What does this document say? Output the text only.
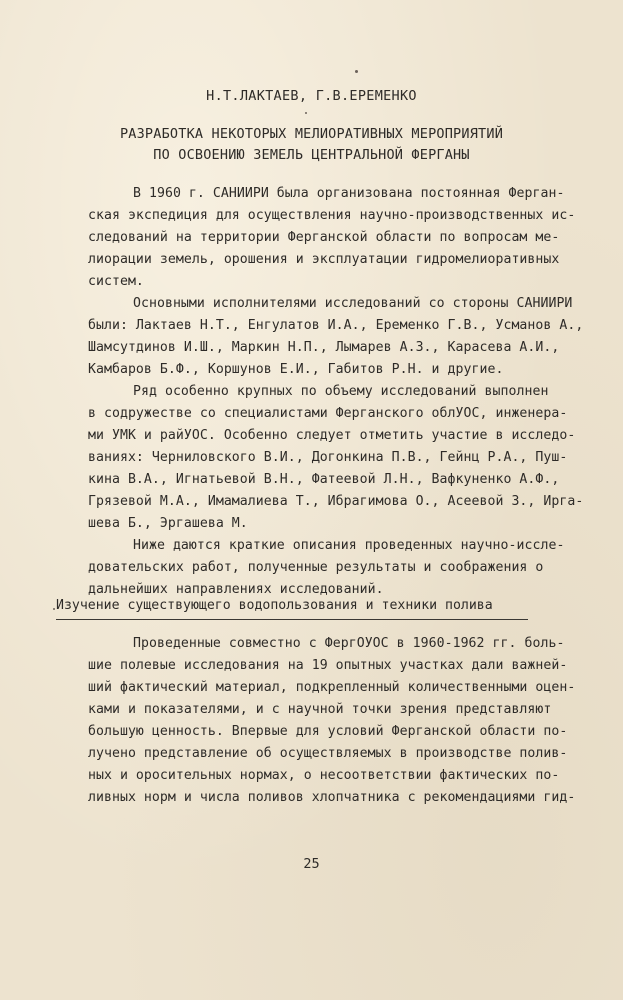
Н.Т.ЛАКТАЕВ, Г.В.ЕРЕМЕНКО
РАЗРАБОТКА НЕКОТОРЫХ МЕЛИОРАТИВНЫХ МЕРОПРИЯТИЙ
ПО ОСВОЕНИЮ ЗЕМЕЛЬ ЦЕНТРАЛЬНОЙ ФЕРГАНЫ
В 1960 г. САНИИРИ была организована постоянная Ферган-
ская экспедиция для осуществления научно-производственных ис-
следований на территории Ферганской области по вопросам ме-
лиорации земель, орошения и эксплуатации гидромелиоративных
систем.
Основными исполнителями исследований со стороны САНИИРИ
были: Лактаев Н.Т., Енгулатов И.А., Еременко Г.В., Усманов А.,
Шамсутдинов И.Ш., Маркин Н.П., Лымарев А.З., Карасева А.И.,
Камбаров Б.Ф., Коршунов Е.И., Габитов Р.Н. и другие.
Ряд особенно крупных по объему исследований выполнен
в содружестве со специалистами Ферганского облУОС, инженера-
ми УМК и райУОС. Особенно следует отметить участие в исследо-
ваниях: Черниловского В.И., Догонкина П.В., Гейнц Р.А., Пуш-
кина В.А., Игнатьевой В.Н., Фатеевой Л.Н., Вафкуненко А.Ф.,
Грязевой М.А., Имамалиева Т., Ибрагимова О., Асеевой З., Ирга-
шева Б., Эргашева М.
Ниже даются краткие описания проведенных научно-исслe-
довательских работ, полученные результаты и соображения о
дальнейших направлениях исследований.
Изучение существующего водопользования и техники полива
Проведенные совместно с ФергОУОС в 1960-1962 гг. боль-
шие полевые исследования на 19 опытных участках дали важней-
ший фактический материал, подкрепленный количественными оцен-
ками и показателями, и с научной точки зрения представляют
большую ценность. Впервые для условий Ферганской области по-
лучено представление об осуществляемых в производстве полив-
ных и оросительных нормах, о несоответствии фактических по-
ливных норм и числа поливов хлопчатника с рекомендациями гид-
25
